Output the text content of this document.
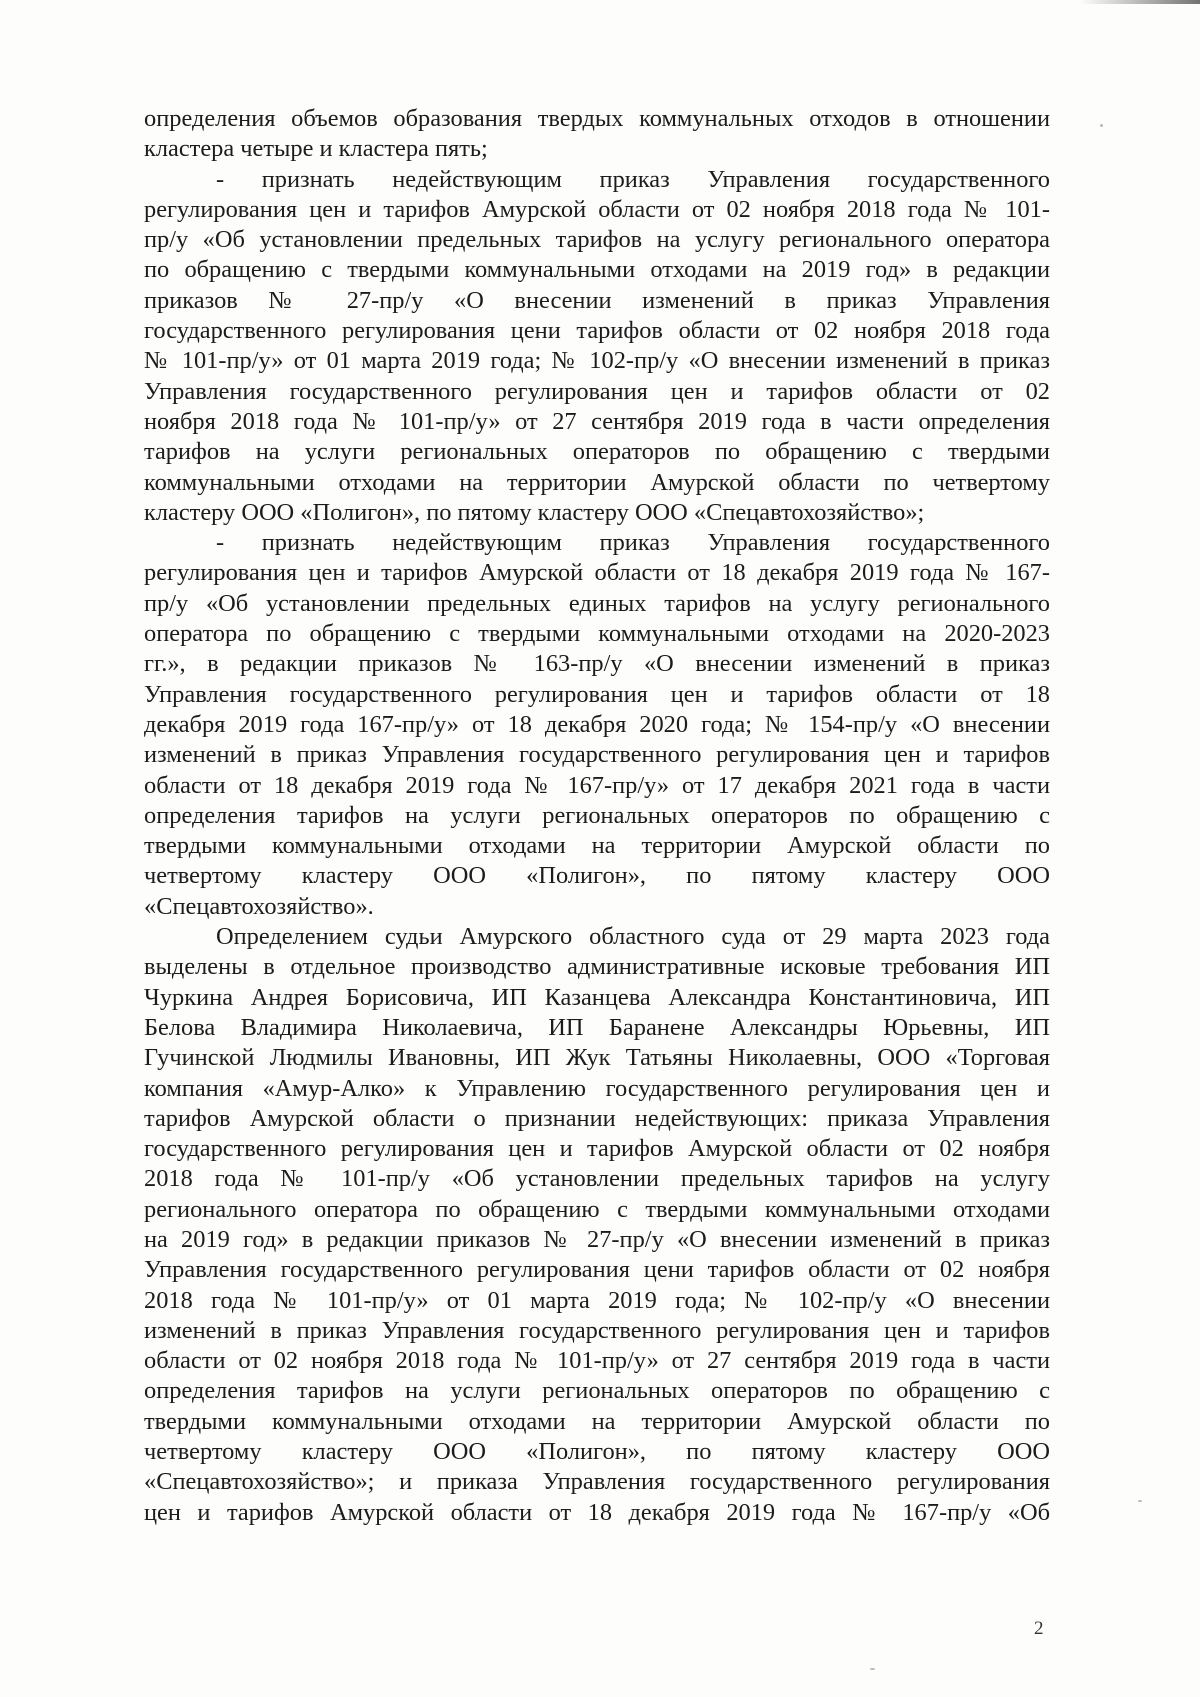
определения объемов образования твердых коммунальных отходов в отношении
кластера четыре и кластера пять;
- признать недействующим приказ Управления государственного
регулирования цен и тарифов Амурской области от 02 ноября 2018 года № 101-
пр/у «Об установлении предельных тарифов на услугу регионального оператора
по обращению с твердыми коммунальными отходами на 2019 год» в редакции
приказов № 27-пр/у «О внесении изменений в приказ Управления
государственного регулирования цени тарифов области от 02 ноября 2018 года
№ 101-пр/у» от 01 марта 2019 года; № 102-пр/у «О внесении изменений в приказ
Управления государственного регулирования цен и тарифов области от 02
ноября 2018 года № 101-пр/у» от 27 сентября 2019 года в части определения
тарифов на услуги региональных операторов по обращению с твердыми
коммунальными отходами на территории Амурской области по четвертому
кластеру ООО «Полигон», по пятому кластеру ООО «Спецавтохозяйство»;
- признать недействующим приказ Управления государственного
регулирования цен и тарифов Амурской области от 18 декабря 2019 года № 167-
пр/у «Об установлении предельных единых тарифов на услугу регионального
оператора по обращению с твердыми коммунальными отходами на 2020-2023
гг.», в редакции приказов № 163-пр/у «О внесении изменений в приказ
Управления государственного регулирования цен и тарифов области от 18
декабря 2019 года 167-пр/у» от 18 декабря 2020 года; № 154-пр/у «О внесении
изменений в приказ Управления государственного регулирования цен и тарифов
области от 18 декабря 2019 года № 167-пр/у» от 17 декабря 2021 года в части
определения тарифов на услуги региональных операторов по обращению с
твердыми коммунальными отходами на территории Амурской области по
четвертому кластеру ООО «Полигон», по пятому кластеру ООО
«Спецавтохозяйство».
Определением судьи Амурского областного суда от 29 марта 2023 года
выделены в отдельное производство административные исковые требования ИП
Чуркина Андрея Борисовича, ИП Казанцева Александра Константиновича, ИП
Белова Владимира Николаевича, ИП Баранене Александры Юрьевны, ИП
Гучинской Людмилы Ивановны, ИП Жук Татьяны Николаевны, ООО «Торговая
компания «Амур-Алко» к Управлению государственного регулирования цен и
тарифов Амурской области о признании недействующих: приказа Управления
государственного регулирования цен и тарифов Амурской области от 02 ноября
2018 года № 101-пр/у «Об установлении предельных тарифов на услугу
регионального оператора по обращению с твердыми коммунальными отходами
на 2019 год» в редакции приказов № 27-пр/у «О внесении изменений в приказ
Управления государственного регулирования цени тарифов области от 02 ноября
2018 года № 101-пр/у» от 01 марта 2019 года; № 102-пр/у «О внесении
изменений в приказ Управления государственного регулирования цен и тарифов
области от 02 ноября 2018 года № 101-пр/у» от 27 сентября 2019 года в части
определения тарифов на услуги региональных операторов по обращению с
твердыми коммунальными отходами на территории Амурской области по
четвертому кластеру ООО «Полигон», по пятому кластеру ООО
«Спецавтохозяйство»; и приказа Управления государственного регулирования
цен и тарифов Амурской области от 18 декабря 2019 года № 167-пр/у «Об
2
